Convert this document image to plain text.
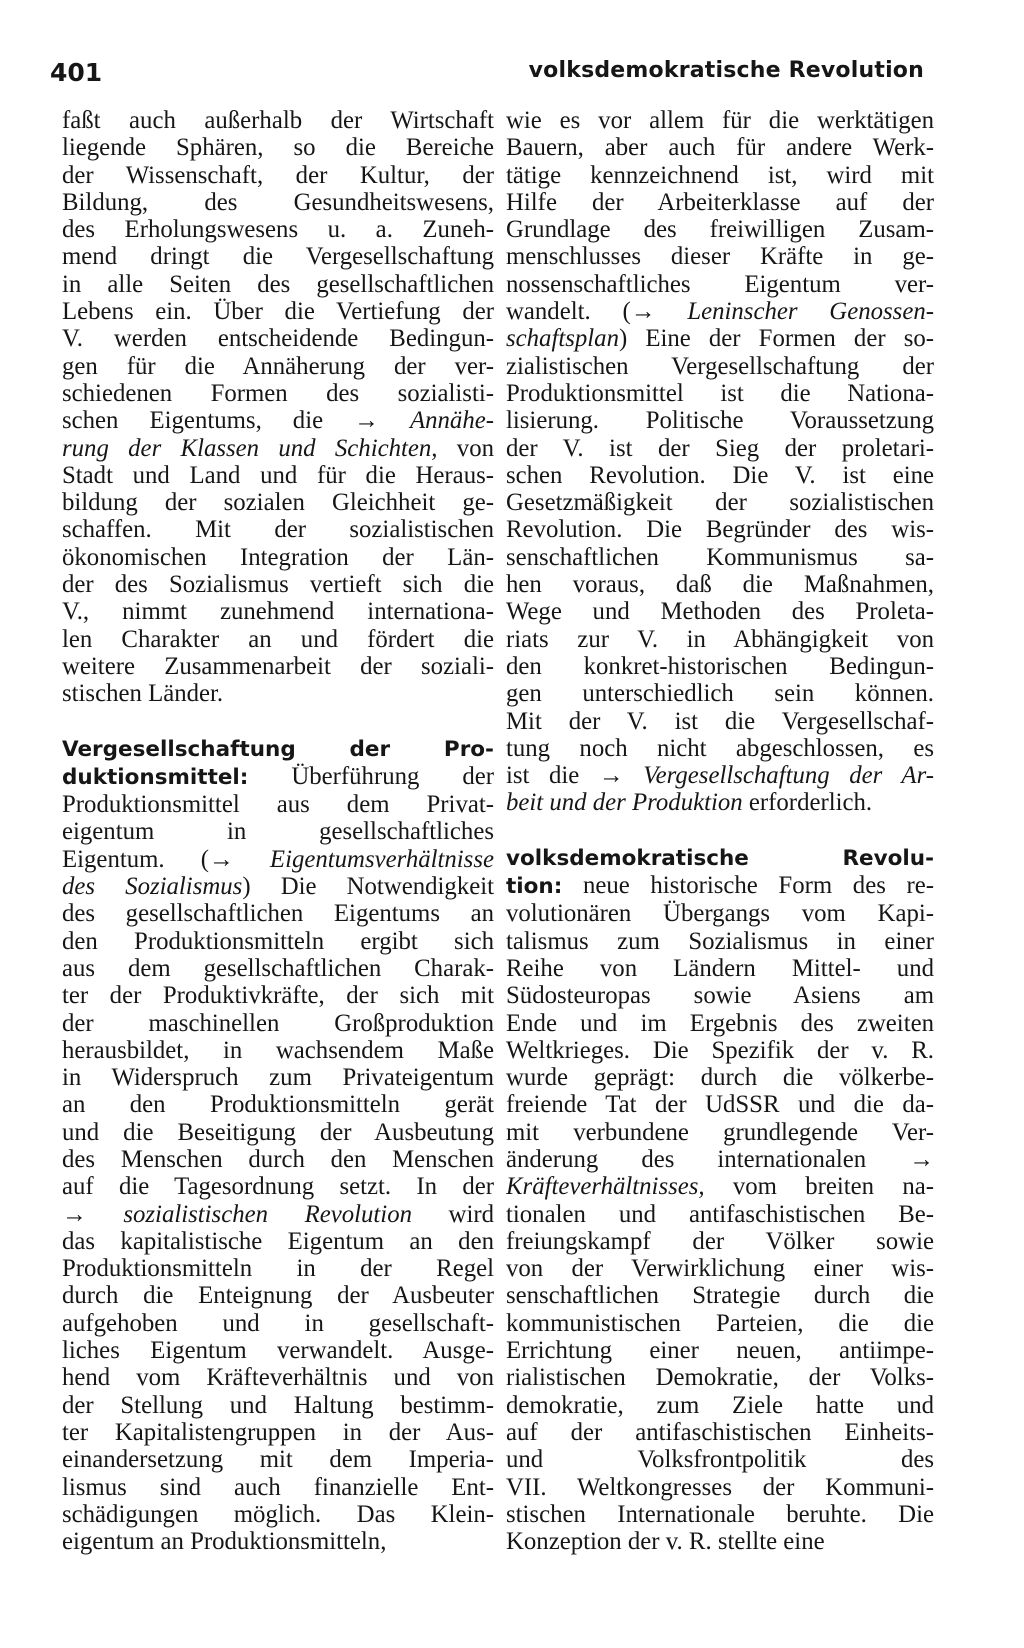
401	volksdemokratische Revolution
faßt auch außerhalb der Wirtschaft
liegende Sphären, so die Bereiche
der Wissenschaft, der Kultur, der
Bildung, des Gesundheitswesens,
des Erholungswesens u. a. Zuneh-
mend dringt die Vergesellschaftung
in alle Seiten des gesellschaftlichen
Lebens ein. Über die Vertiefung der
V. werden entscheidende Bedingun-
gen für die Annäherung der ver-
schiedenen Formen des sozialisti-
schen Eigentums, die → Annähe-
rung der Klassen und Schichten, von
Stadt und Land und für die Heraus-
bildung der sozialen Gleichheit ge-
schaffen. Mit der sozialistischen
ökonomischen Integration der Län-
der des Sozialismus vertieft sich die
V., nimmt zunehmend internationa-
len Charakter an und fördert die
weitere Zusammenarbeit der soziali-
stischen Länder.
Vergesellschaftung der Pro-
duktionsmittel: Überführung der
Produktionsmittel aus dem Privat-
eigentum in gesellschaftliches
Eigentum. (→ Eigentumsverhältnisse
des Sozialismus) Die Notwendigkeit
des gesellschaftlichen Eigentums an
den Produktionsmitteln ergibt sich
aus dem gesellschaftlichen Charak-
ter der Produktivkräfte, der sich mit
der maschinellen Großproduktion
herausbildet, in wachsendem Maße
in Widerspruch zum Privateigentum
an den Produktionsmitteln gerät
und die Beseitigung der Ausbeutung
des Menschen durch den Menschen
auf die Tagesordnung setzt. In der
→ sozialistischen Revolution wird
das kapitalistische Eigentum an den
Produktionsmitteln in der Regel
durch die Enteignung der Ausbeuter
aufgehoben und in gesellschaft-
liches Eigentum verwandelt. Ausge-
hend vom Kräfteverhältnis und von
der Stellung und Haltung bestimm-
ter Kapitalistengruppen in der Aus-
einandersetzung mit dem Imperia-
lismus sind auch finanzielle Ent-
schädigungen möglich. Das Klein-
eigentum an Produktionsmitteln,
wie es vor allem für die werktätigen
Bauern, aber auch für andere Werk-
tätige kennzeichnend ist, wird mit
Hilfe der Arbeiterklasse auf der
Grundlage des freiwilligen Zusam-
menschlusses dieser Kräfte in ge-
nossenschaftliches Eigentum ver-
wandelt. (→ Leninscher Genossen-
schaftsplan) Eine der Formen der so-
zialistischen Vergesellschaftung der
Produktionsmittel ist die Nationa-
lisierung. Politische Voraussetzung
der V. ist der Sieg der proletari-
schen Revolution. Die V. ist eine
Gesetzmäßigkeit der sozialistischen
Revolution. Die Begründer des wis-
senschaftlichen Kommunismus sa-
hen voraus, daß die Maßnahmen,
Wege und Methoden des Proleta-
riats zur V. in Abhängigkeit von
den konkret-historischen Bedingun-
gen unterschiedlich sein können.
Mit der V. ist die Vergesellschaf-
tung noch nicht abgeschlossen, es
ist die → Vergesellschaftung der Ar-
beit und der Produktion erforderlich.
volksdemokratische Revolu-
tion: neue historische Form des re-
volutionären Übergangs vom Kapi-
talismus zum Sozialismus in einer
Reihe von Ländern Mittel- und
Südosteuropas sowie Asiens am
Ende und im Ergebnis des zweiten
Weltkrieges. Die Spezifik der v. R.
wurde geprägt: durch die völkerbe-
freiende Tat der UdSSR und die da-
mit verbundene grundlegende Ver-
änderung des internationalen →
Kräfteverhältnisses, vom breiten na-
tionalen und antifaschistischen Be-
freiungskampf der Völker sowie
von der Verwirklichung einer wis-
senschaftlichen Strategie durch die
kommunistischen Parteien, die die
Errichtung einer neuen, antiimpe-
rialistischen Demokratie, der Volks-
demokratie, zum Ziele hatte und
auf der antifaschistischen Einheits-
und Volksfrontpolitik des
VII. Weltkongresses der Kommuni-
stischen Internationale beruhte. Die
Konzeption der v. R. stellte eine
